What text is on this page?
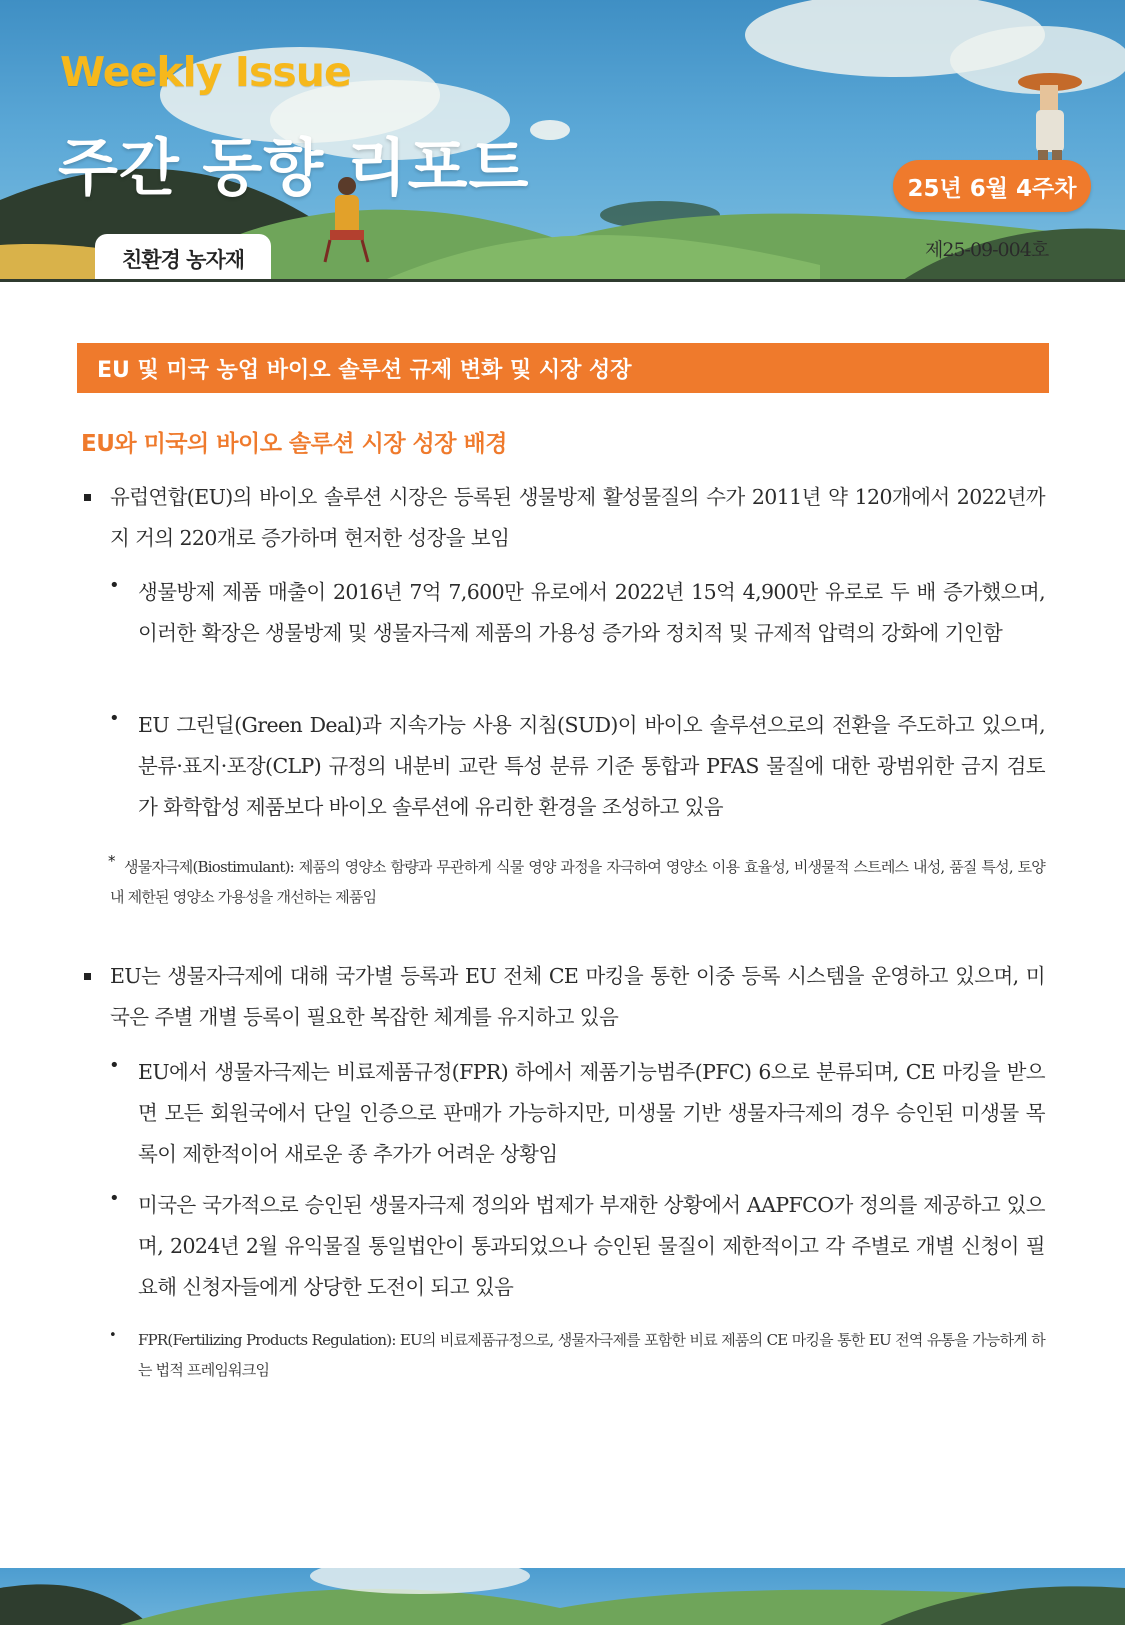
Weekly Issue
주간 동향 리포트	25년 6월 4주차
제25-09-004호
친환경 농자재
EU 및 미국 농업 바이오 솔루션 규제 변화 및 시장 성장
EU와 미국의 바이오 솔루션 시장 성장 배경

유럽연합(EU)의 바이오 솔루션 시장은 등록된 생물방제 활성물질의 수가 2011년 약 120개에서 2022년까지 거의 220개로 증가하며 현저한 성장을 보임

• 생물방제 제품 매출이 2016년 7억 7,600만 유로에서 2022년 15억 4,900만 유로로 두 배 증가했으며, 이러한 확장은 생물방제 및 생물자극제 제품의 가용성 증가와 정치적 및 규제적 압력의 강화에 기인함

• EU 그린딜(Green Deal)과 지속가능 사용 지침(SUD)이 바이오 솔루션으로의 전환을 주도하고 있으며, 분류·표지·포장(CLP) 규정의 내분비 교란 특성 분류 기준 통합과 PFAS 물질에 대한 광범위한 금지 검토가 화학합성 제품보다 바이오 솔루션에 유리한 환경을 조성하고 있음

* 생물자극제(Biostimulant): 제품의 영양소 함량과 무관하게 식물 영양 과정을 자극하여 영양소 이용 효율성, 비생물적 스트레스 내성, 품질 특성, 토양 내 제한된 영양소 가용성을 개선하는 제품임

EU는 생물자극제에 대해 국가별 등록과 EU 전체 CE 마킹을 통한 이중 등록 시스템을 운영하고 있으며, 미국은 주별 개별 등록이 필요한 복잡한 체계를 유지하고 있음

• EU에서 생물자극제는 비료제품규정(FPR) 하에서 제품기능범주(PFC) 6으로 분류되며, CE 마킹을 받으면 모든 회원국에서 단일 인증으로 판매가 가능하지만, 미생물 기반 생물자극제의 경우 승인된 미생물 목록이 제한적이어 새로운 종 추가가 어려운 상황임

• 미국은 국가적으로 승인된 생물자극제 정의와 법제가 부재한 상황에서 AAPFCO가 정의를 제공하고 있으며, 2024년 2월 유익물질 통일법안이 통과되었으나 승인된 물질이 제한적이고 각 주별로 개별 신청이 필요해 신청자들에게 상당한 도전이 되고 있음

• FPR(Fertilizing Products Regulation): EU의 비료제품규정으로, 생물자극제를 포함한 비료 제품의 CE 마킹을 통한 EU 전역 유통을 가능하게 하는 법적 프레임워크임
